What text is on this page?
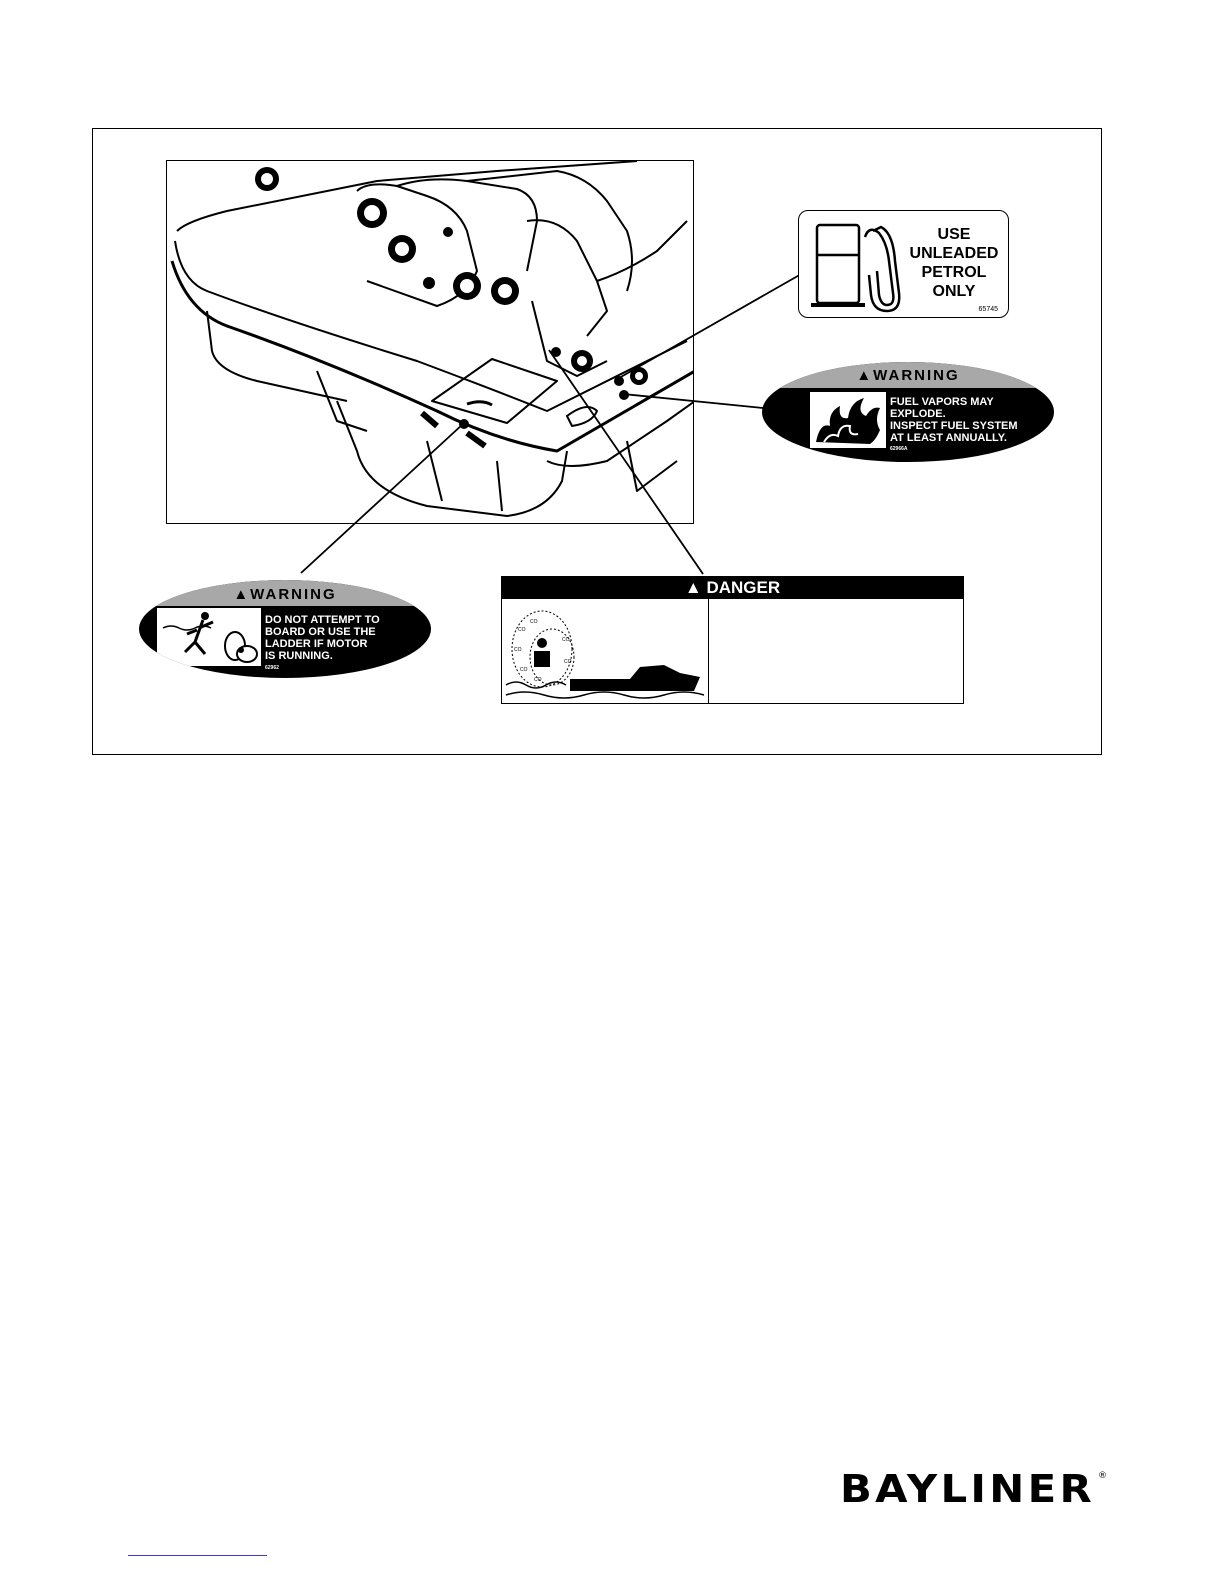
USE
UNLEADED
PETROL
ONLY
65745
▲WARNING
FUEL VAPORS MAY
EXPLODE.
INSPECT FUEL SYSTEM
AT LEAST ANNUALLY.
62966A
▲WARNING
DO NOT ATTEMPT TO
BOARD OR USE THE
LADDER IF MOTOR
IS RUNNING.
62962
▲ DANGER
CO
CO
CO
CO
CO
CO
CO
BAYLINER ®
